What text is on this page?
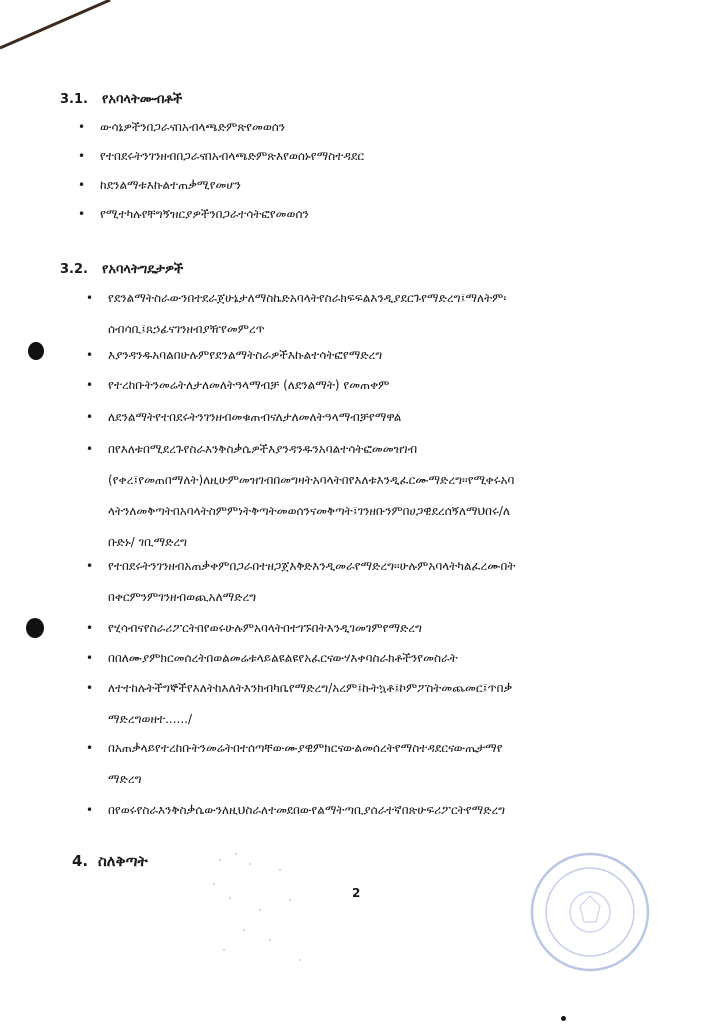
3.1. የአባላትሙብቶች
• ውሳኔዎችንበጋራናበአብላጫድምጽየመወሰን
• የተበደሩትንገንዘብበጋራናበአብላጫድምጽእየወሰኑየማስተዳደር
• ከደንልማቱእኩልተጠቃሚየመሆን
• የሚተካሉየቸግኝዝርያዎችንበጋራተሳትፎየመወሰን
3.2. የአባላትግዴታዎች
• የደንልማትስራውንበተደራጀሁኔታለማስኬድአባላትየስራክፍፍልእንዲያደርጉየማድረግ፤ማለትም፡
ሰብሳቢ፤ጸኃፊናገንዘብያዥየመምረጥ
• እያንዳንዱአባልበሁሉምየደንልማትስራዎችእኩልተሳትፎየማድረግ
• የተረከቡትንመሬትለታለመለትዓላማብቻ (ለደንልማት) የመጠቀም
• ለደንልማትየተበደሩትንገንዘብመቁጠብናለታለመለትዓላማብቻየማዋል
• በየእለቱበሚደረጉየስራእንቅስቃሴዎችእያንዳንዱንአባልተሳትፎመመዝገብ
(የቀረ፤የመጠበማለት)ለዚሁምመዝገብበመግዛትአባላትበየእለቱእንዲፈርሙማድረግ፡፡የሚቀሩአባ
ላትንለመቅጣትበአባላትስምምነትቅጣትመወሰንናመቅጣት፤ገንዘቡንምበሀጋዊደረሰኝለማህበሩ/ለ
ቡድኑ/ ገቢማድረግ
• የተበደሩትንገንዘብአጠቃቀምበጋራበተዘጋጀእቅድእንዲመራየማድረግ፡፡ሁሉምአባላትካልፈረሙበት
በቀርምንምገንዘብወጪአለማድረግ
• የሂሳብናየስራሪፖርትበየወሩሁሉምአባላትበተገኙበትእንዲገመገምየማድረግ
• በበለሙያምክርመሰረትበወልመሬቱላይልዩልዩየአፈርናውሃእቀባስራክቶችንየመስራት
• ለተተከሉትችግኞችየእለትከእለትእንክብካቤየማድረግ/አረም፤ኩትኳቶ፤ኮምፖስትመጨመር፤ጥበቃ
ማድረግወዘተ....../
• በአጠቃላይየተረከቡትንመሬትበተሰጣቸውሙያዊምክርናውልመሰረትየማስተዳደርናውጤታማየ
ማድረግ
• በየወሩየስራእንቅስቃሴውንለዚህስራለተመደበውየልማትጣቢያሰራተኛበጽሁፍሪፖርትየማድረግ
4. ስለቅጣት
2
